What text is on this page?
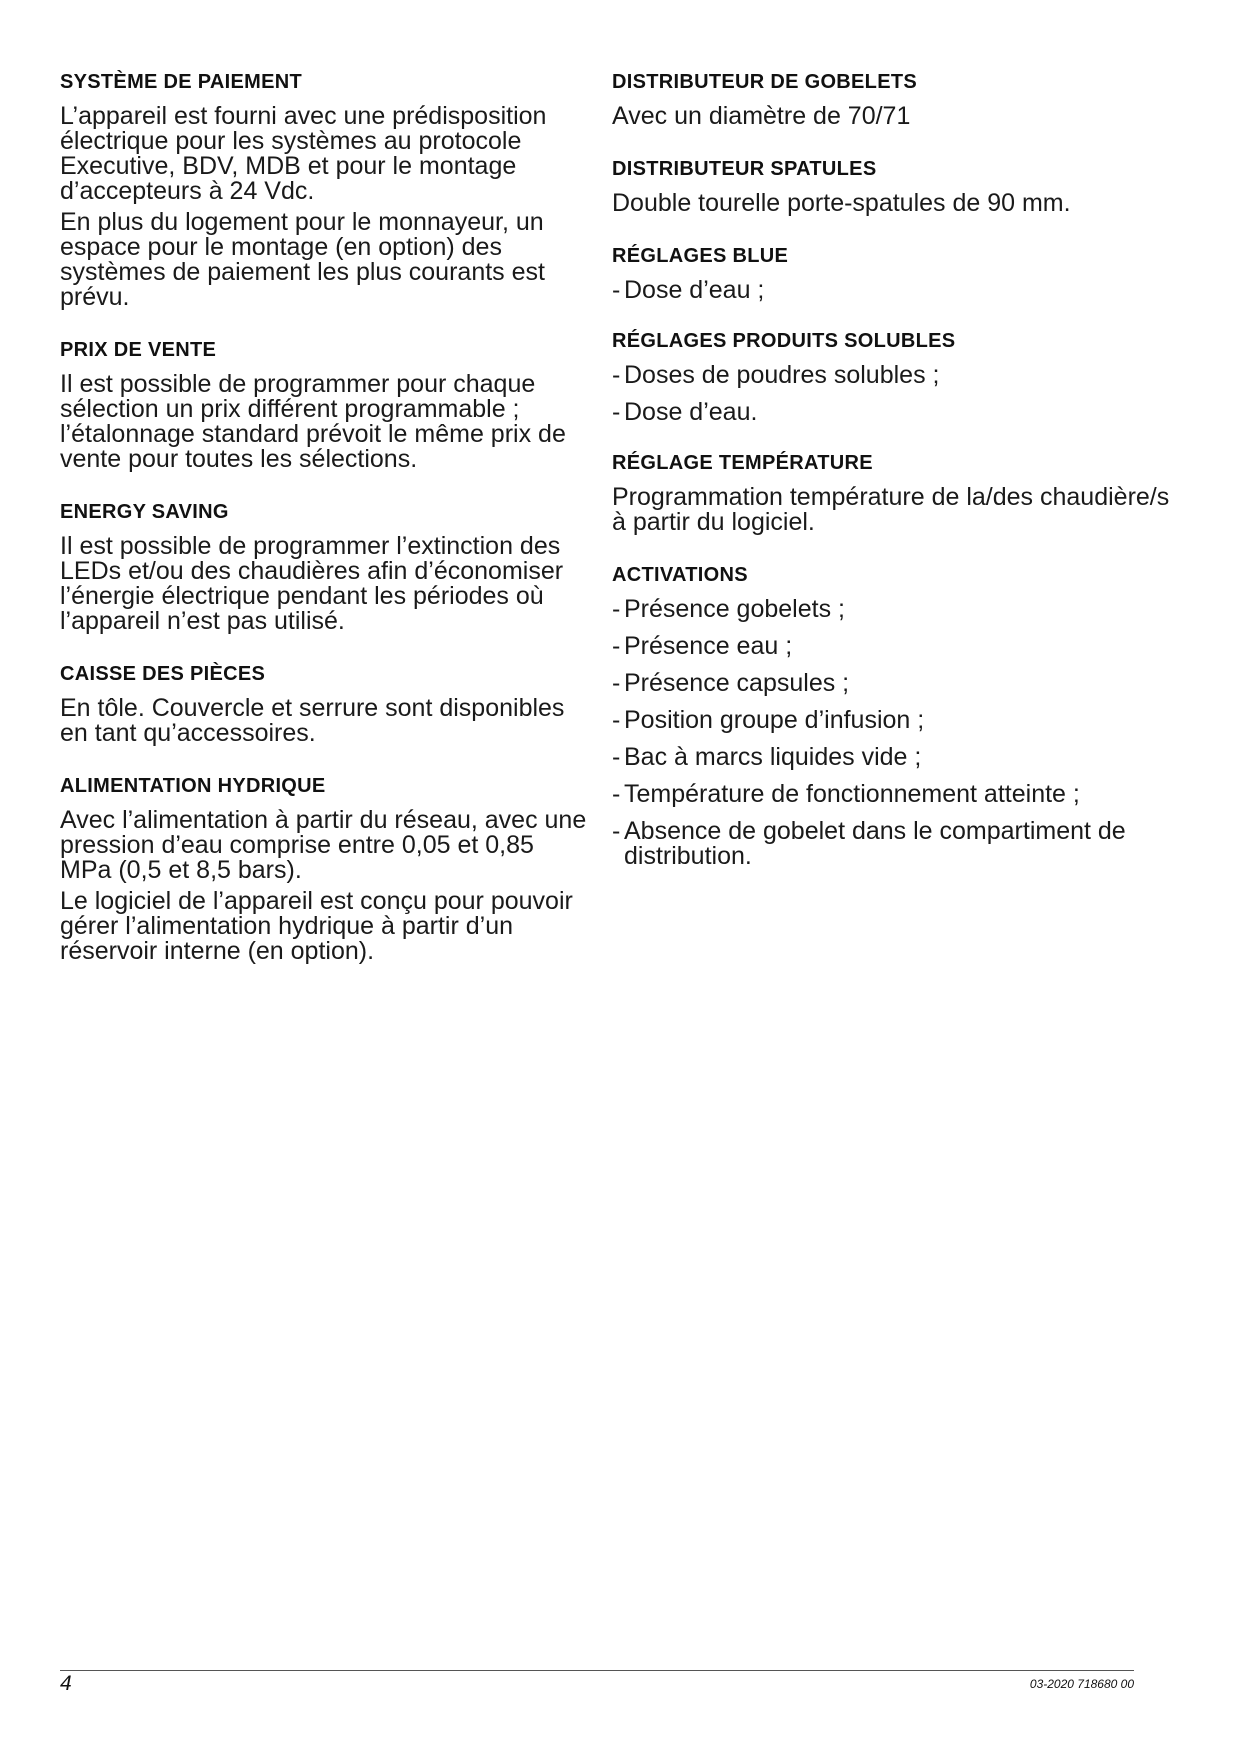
SYSTÈME DE PAIEMENT

L’appareil est fourni avec une prédisposition électrique pour les systèmes au protocole Executive, BDV, MDB et pour le montage d’accepteurs à 24 Vdc.

En plus du logement pour le monnayeur, un espace pour le montage (en option) des systèmes de paiement les plus courants est prévu.

PRIX DE VENTE

Il est possible de programmer pour chaque sélection un prix différent programmable ; l’étalonnage standard prévoit le même prix de vente pour toutes les sélections.

ENERGY SAVING

Il est possible de programmer l’extinction des LEDs et/ou des chaudières afin d’économiser l’énergie électrique pendant les périodes où l’appareil n’est pas utilisé.

CAISSE DES PIÈCES

En tôle. Couvercle et serrure sont disponibles en tant qu’accessoires.

ALIMENTATION HYDRIQUE

Avec l’alimentation à partir du réseau, avec une pression d’eau comprise entre 0,05 et 0,85 MPa (0,5 et 8,5 bars).

Le logiciel de l’appareil est conçu pour pouvoir gérer l’alimentation hydrique à partir d’un réservoir interne (en option).

DISTRIBUTEUR DE GOBELETS

Avec un diamètre de 70/71

DISTRIBUTEUR SPATULES

Double tourelle porte-spatules de 90 mm.

RÉGLAGES BLUE
- Dose d’eau ;
RÉGLAGES PRODUITS SOLUBLES
- Doses de poudres solubles ;
- Dose d’eau.
RÉGLAGE TEMPÉRATURE

Programmation température de la/des chaudière/s à partir du logiciel.

ACTIVATIONS
- Présence gobelets ;
- Présence eau ;
- Présence capsules ;
- Position groupe d’infusion ;
- Bac à marcs liquides vide ;
- Température de fonctionnement atteinte ;
- Absence de gobelet dans le compartiment de distribution.
4	03-2020 718680 00
